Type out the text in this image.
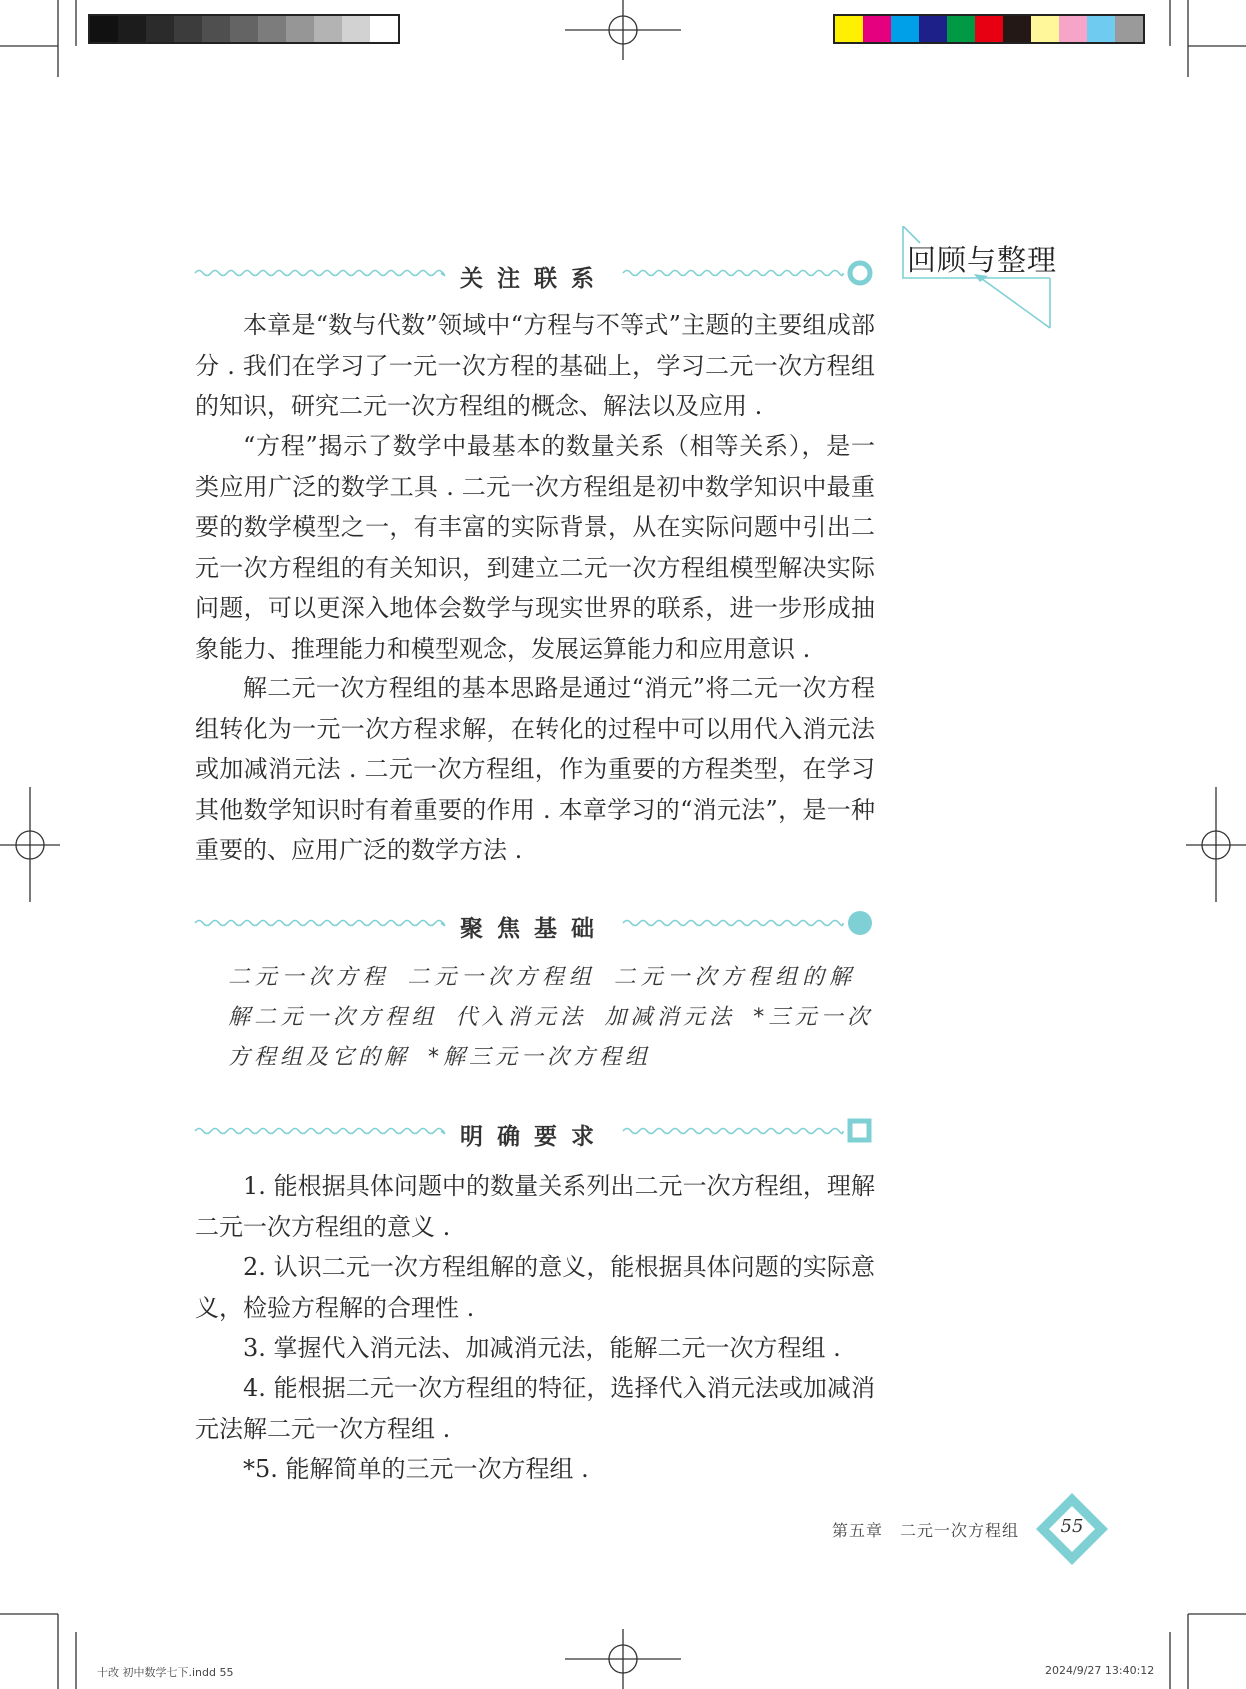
回顾与整理
关注联系

本章是“数与代数”领域中“方程与不等式”主题的主要组成部分 . 我们在学习了一元一次方程的基础上，学习二元一次方程组的知识，研究二元一次方程组的概念、解法以及应用 .

“方程”揭示了数学中最基本的数量关系（相等关系），是一类应用广泛的数学工具 . 二元一次方程组是初中数学知识中最重要的数学模型之一，有丰富的实际背景，从在实际问题中引出二元一次方程组的有关知识，到建立二元一次方程组模型解决实际问题，可以更深入地体会数学与现实世界的联系，进一步形成抽象能力、推理能力和模型观念，发展运算能力和应用意识 .

解二元一次方程组的基本思路是通过“消元”将二元一次方程组转化为一元一次方程求解，在转化的过程中可以用代入消元法或加减消元法 . 二元一次方程组，作为重要的方程类型，在学习其他数学知识时有着重要的作用 . 本章学习的“消元法”，是一种重要的、应用广泛的数学方法 .

聚焦基础

二元一次方程 二元一次方程组 二元一次方程组的解解二元一次方程组 代入消元法 加减消元法 *三元一次方程组及它的解 *解三元一次方程组

明确要求

1. 能根据具体问题中的数量关系列出二元一次方程组，理解二元一次方程组的意义 .

2. 认识二元一次方程组解的意义，能根据具体问题的实际意义，检验方程解的合理性 .

3. 掌握代入消元法、加减消元法，能解二元一次方程组 .

4. 能根据二元一次方程组的特征，选择代入消元法或加减消元法解二元一次方程组 .

*5. 能解简单的三元一次方程组 .

第五章　二元一次方程组	55
十改 初中数学七下.indd 55	2024/9/27 13:40:12
